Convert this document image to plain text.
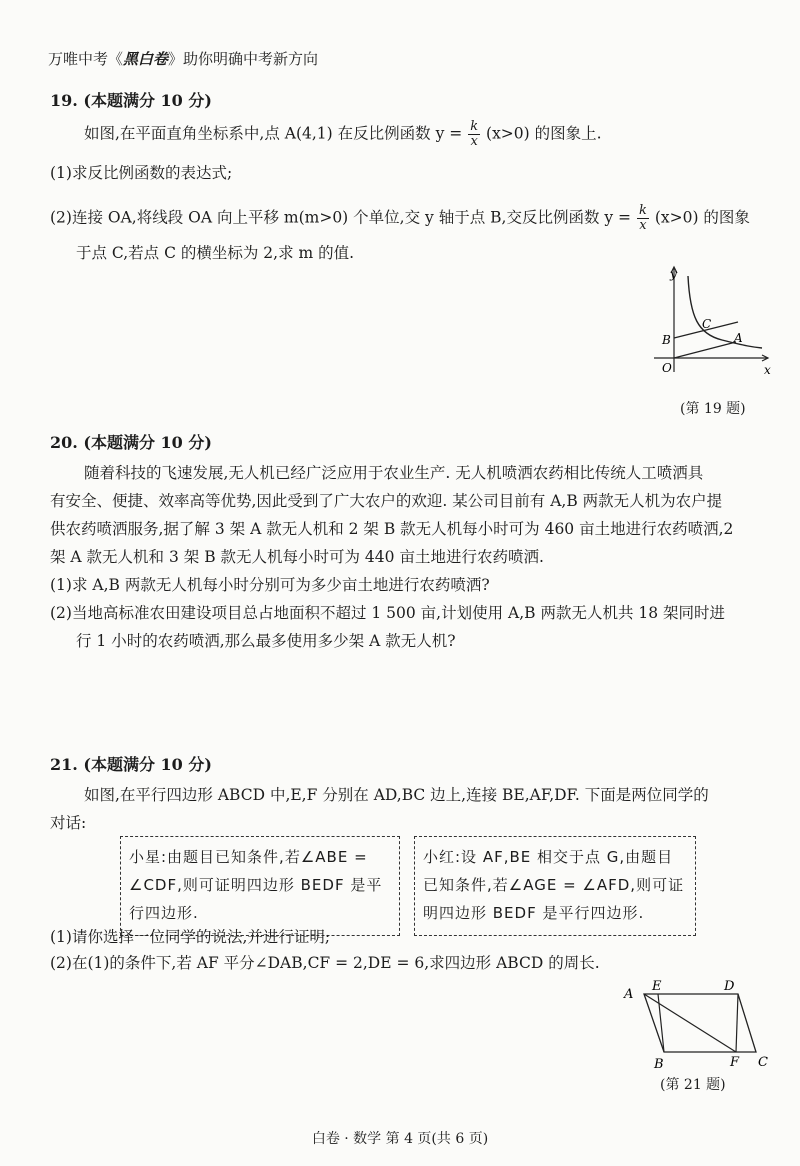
万唯中考《黑白卷》助你明确中考新方向
19. (本题满分 10 分)
如图,在平面直角坐标系中,点 A(4,1) 在反比例函数 $y = \frac{k}{x} (x>0)$ 的图象上.
(1)求反比例函数的表达式;
(2)连接 OA,将线段 OA 向上平移 m(m>0) 个单位,交 y 轴于点 B,交反比例函数 $y = \frac{k}{x} (x>0)$ 的图象
于点 C,若点 C 的横坐标为 2,求 m 的值.
y
x
O
B
C
A
(第 19 题)
20. (本题满分 10 分)
随着科技的飞速发展,无人机已经广泛应用于农业生产. 无人机喷洒农药相比传统人工喷洒具
有安全、便捷、效率高等优势,因此受到了广大农户的欢迎. 某公司目前有 A,B 两款无人机为农户提
供农药喷洒服务,据了解 3 架 A 款无人机和 2 架 B 款无人机每小时可为 460 亩土地进行农药喷洒,2
架 A 款无人机和 3 架 B 款无人机每小时可为 440 亩土地进行农药喷洒.
(1)求 A,B 两款无人机每小时分别可为多少亩土地进行农药喷洒?
(2)当地高标准农田建设项目总占地面积不超过 1 500 亩,计划使用 A,B 两款无人机共 18 架同时进
行 1 小时的农药喷洒,那么最多使用多少架 A 款无人机?
21. (本题满分 10 分)
如图,在平行四边形 ABCD 中,E,F 分别在 AD,BC 边上,连接 BE,AF,DF. 下面是两位同学的
对话:
小星:由题目已知条件,若∠ABE = ∠CDF,则可证明四边形 BEDF 是平行四边形.
小红:设 AF,BE 相交于点 G,由题目已知条件,若∠AGE = ∠AFD,则可证明四边形 BEDF 是平行四边形.
(1)请你选择一位同学的说法,并进行证明;
(2)在(1)的条件下,若 AF 平分∠DAB,CF = 2,DE = 6,求四边形 ABCD 的周长.
A
E	D
B	F C
(第 21 题)
白卷 · 数学 第 4 页(共 6 页)
